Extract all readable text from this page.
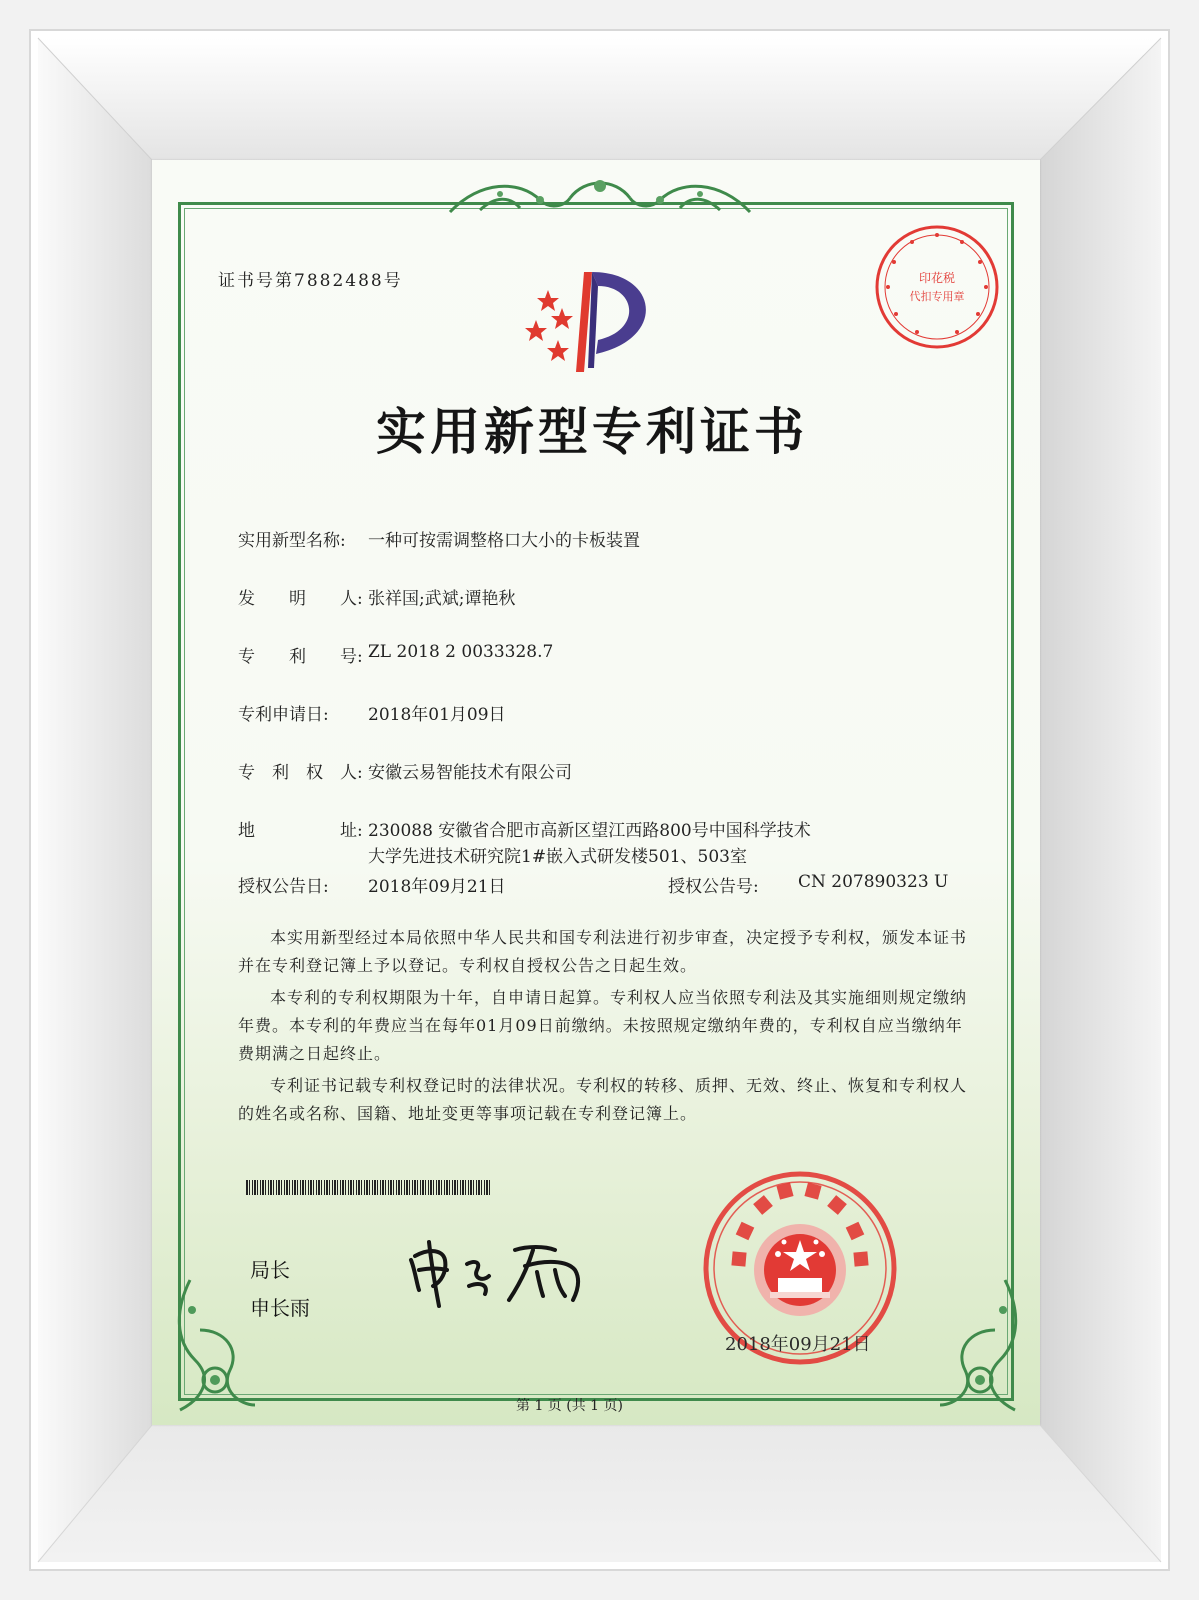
证书号第7882488号
实用新型专利证书
实用新型名称: 一种可按需调整格口大小的卡板装置
发　　明　　人: 张祥国;武斌;谭艳秋
专　　利　　号: ZL 2018 2 0033328.7
专利申请日: 2018年01月09日
专　利　权　人: 安徽云易智能技术有限公司
地　　　　　址: 230088 安徽省合肥市高新区望江西路800号中国科学技术
大学先进技术研究院1#嵌入式研发楼501、503室
授权公告日: 2018年09月21日	授权公告号: CN 207890323 U
本实用新型经过本局依照中华人民共和国专利法进行初步审查，决定授予专利权，颁发本证书并在专利登记簿上予以登记。专利权自授权公告之日起生效。
本专利的专利权期限为十年，自申请日起算。专利权人应当依照专利法及其实施细则规定缴纳年费。本专利的年费应当在每年01月09日前缴纳。未按照规定缴纳年费的，专利权自应当缴纳年费期满之日起终止。
专利证书记载专利权登记时的法律状况。专利权的转移、质押、无效、终止、恢复和专利权人的姓名或名称、国籍、地址变更等事项记载在专利登记簿上。
局长
申长雨
印花税
代扣专用章
2018年09月21日
第 1 页 (共 1 页)
